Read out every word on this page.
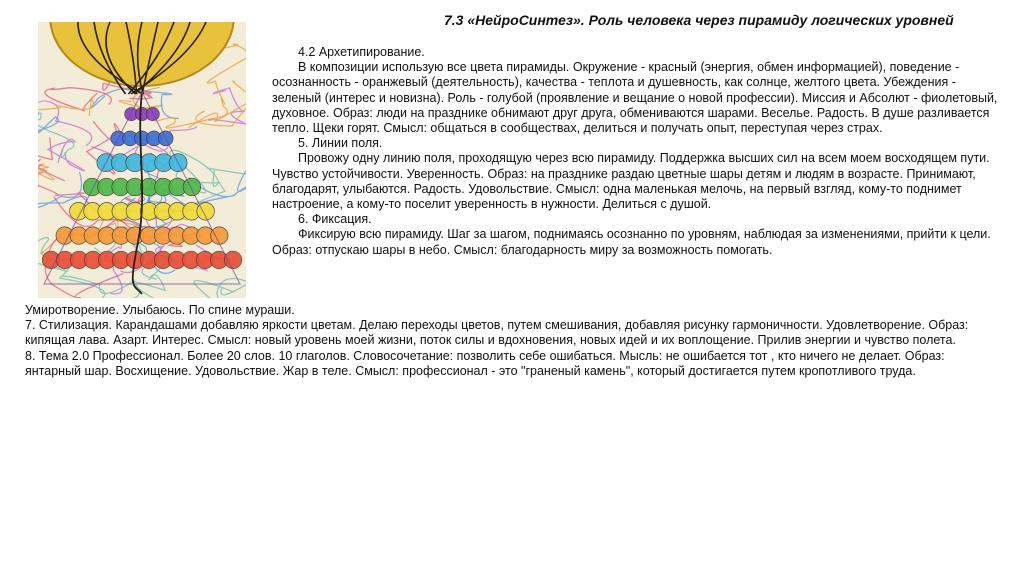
7.3 «НейроСинтез». Роль человека через пирамиду логических уровней

4.2 Архетипирование.

В композиции использую все цвета пирамиды. Окружение - красный (энергия, обмен информацией), поведение - осознанность - оранжевый (деятельность), качества - теплота и душевность, как солнце, желтого цвета. Убеждения - зеленый (интерес и новизна). Роль - голубой (проявление и вещание о новой профессии). Миссия и Абсолют - фиолетовый, духовное. Образ: люди на празднике обнимают друг друга, обмениваются шарами. Веселье. Радость. В душе разливается тепло. Щеки горят. Смысл: общаться в сообществах, делиться и получать опыт, переступая через страх.

5. Линии поля.

Провожу одну линию поля, проходящую через всю пирамиду. Поддержка высших сил на всем моем восходящем пути.  Чувство устойчивости. Уверенность. Образ: на празднике раздаю цветные шары детям и людям в возрасте. Принимают, благодарят, улыбаются. Радость. Удовольствие. Смысл: одна маленькая мелочь, на первый взгляд, кому-то поднимет настроение, а кому-то поселит уверенность в нужности. Делиться с душой.

6. Фиксация.

Фиксирую всю пирамиду. Шаг за шагом, поднимаясь осознанно по уровням, наблюдая за изменениями, прийти к цели.  Образ: отпускаю шары в небо. Смысл: благодарность миру за возможность помогать.

Умиротворение. Улыбаюсь. По спине мураши.

7. Стилизация. Карандашами добавляю яркости цветам. Делаю переходы цветов, путем смешивания, добавляя рисунку гармоничности. Удовлетворение. Образ: кипящая лава. Азарт. Интерес. Смысл: новый уровень моей жизни, поток силы и вдохновения, новых идей и их воплощение. Прилив энергии и чувство полета.

8. Тема 2.0 Профессионал. Более 20 слов. 10 глаголов. Словосочетание: позволить себе ошибаться. Мысль: не ошибается тот , кто ничего не делает. Образ: янтарный шар. Восхищение. Удовольствие. Жар в теле. Смысл: профессионал - это "граненый камень", который достигается путем кропотливого труда.
